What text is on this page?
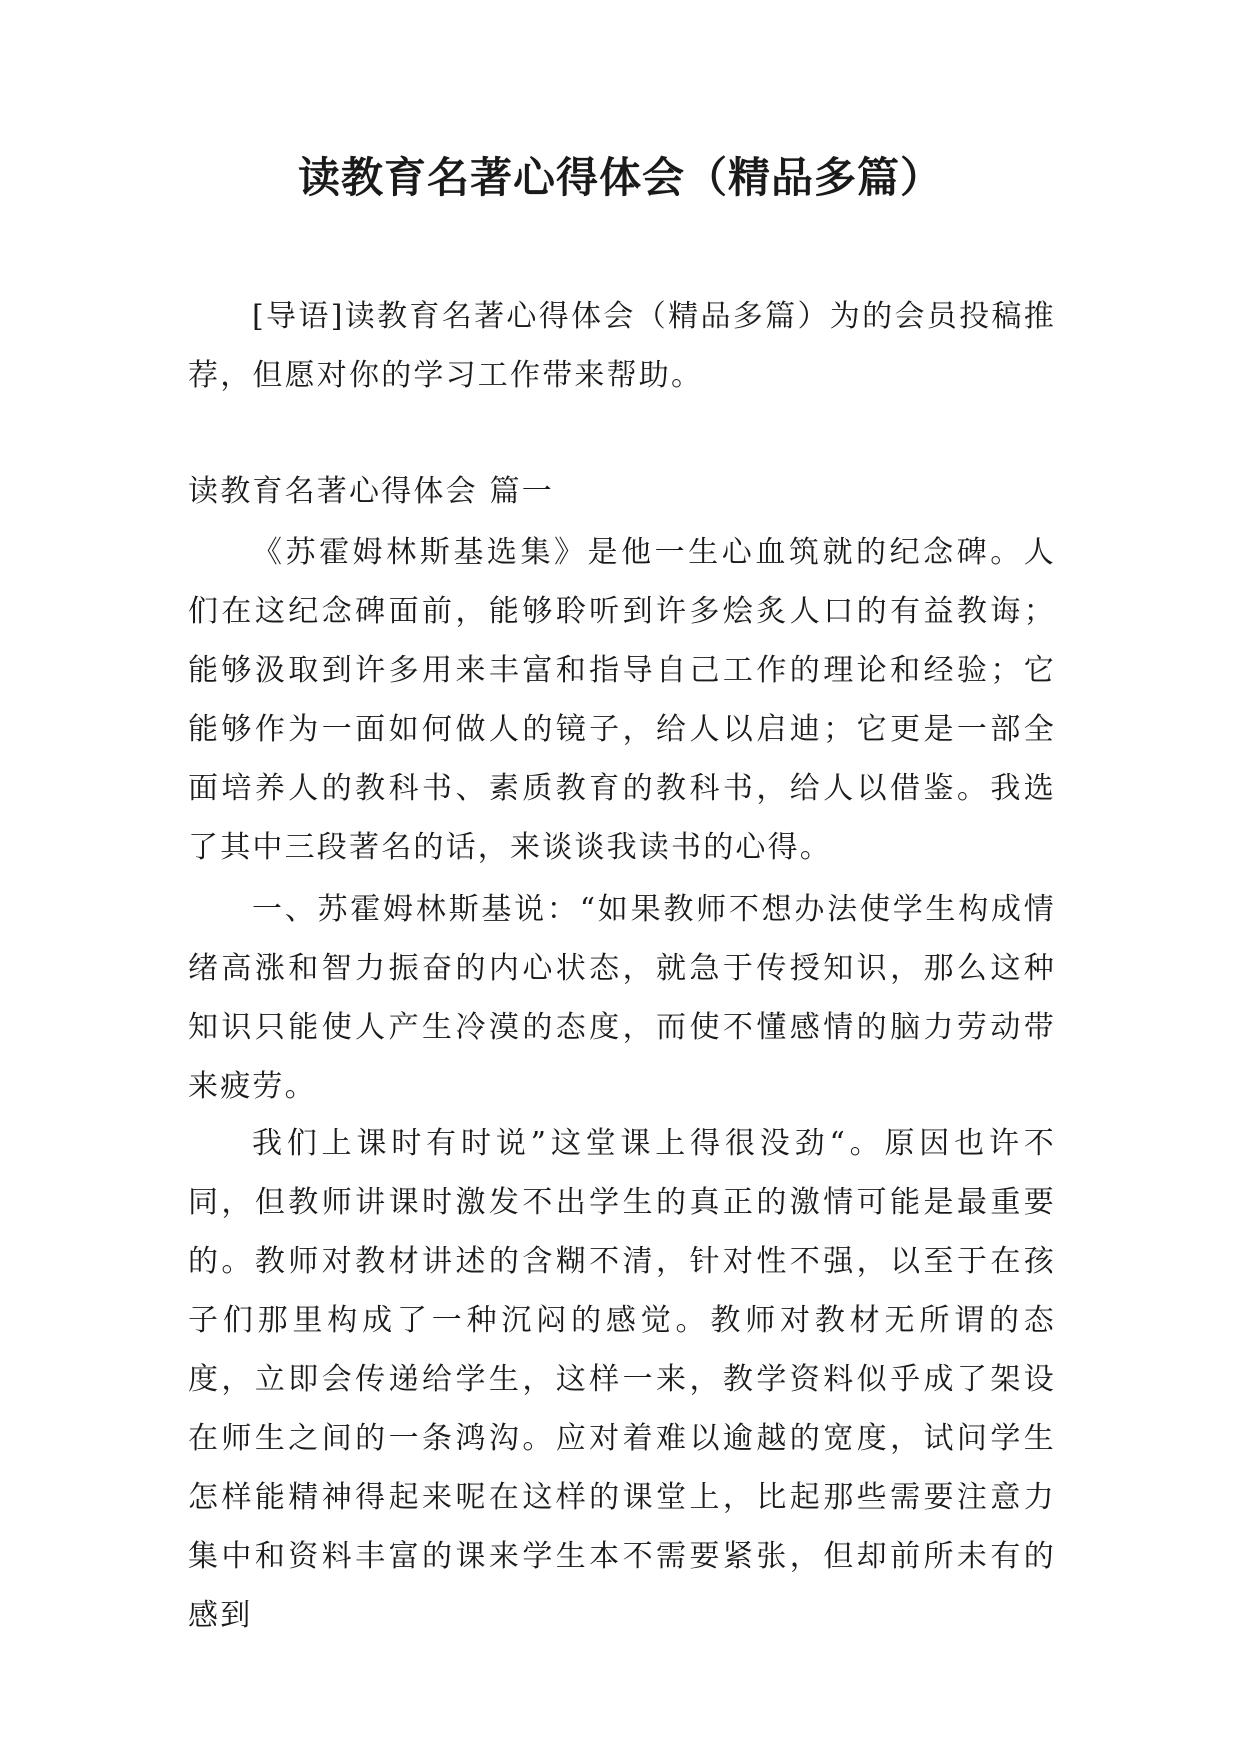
读教育名著心得体会（精品多篇）

[导语]读教育名著心得体会（精品多篇）为的会员投稿推荐，但愿对你的学习工作带来帮助。

读教育名著心得体会 篇一

《苏霍姆林斯基选集》是他一生心血筑就的纪念碑。人们在这纪念碑面前，能够聆听到许多烩炙人口的有益教诲；能够汲取到许多用来丰富和指导自己工作的理论和经验；它能够作为一面如何做人的镜子，给人以启迪；它更是一部全面培养人的教科书、素质教育的教科书，给人以借鉴。我选了其中三段著名的话，来谈谈我读书的心得。

一、苏霍姆林斯基说：“如果教师不想办法使学生构成情绪高涨和智力振奋的内心状态，就急于传授知识，那么这种知识只能使人产生冷漠的态度，而使不懂感情的脑力劳动带来疲劳。

我们上课时有时说”这堂课上得很没劲“。原因也许不同，但教师讲课时激发不出学生的真正的激情可能是最重要的。教师对教材讲述的含糊不清，针对性不强，以至于在孩子们那里构成了一种沉闷的感觉。教师对教材无所谓的态度，立即会传递给学生，这样一来，教学资料似乎成了架设在师生之间的一条鸿沟。应对着难以逾越的宽度，试问学生怎样能精神得起来呢在这样的课堂上，比起那些需要注意力集中和资料丰富的课来学生本不需要紧张，但却前所未有的感到
